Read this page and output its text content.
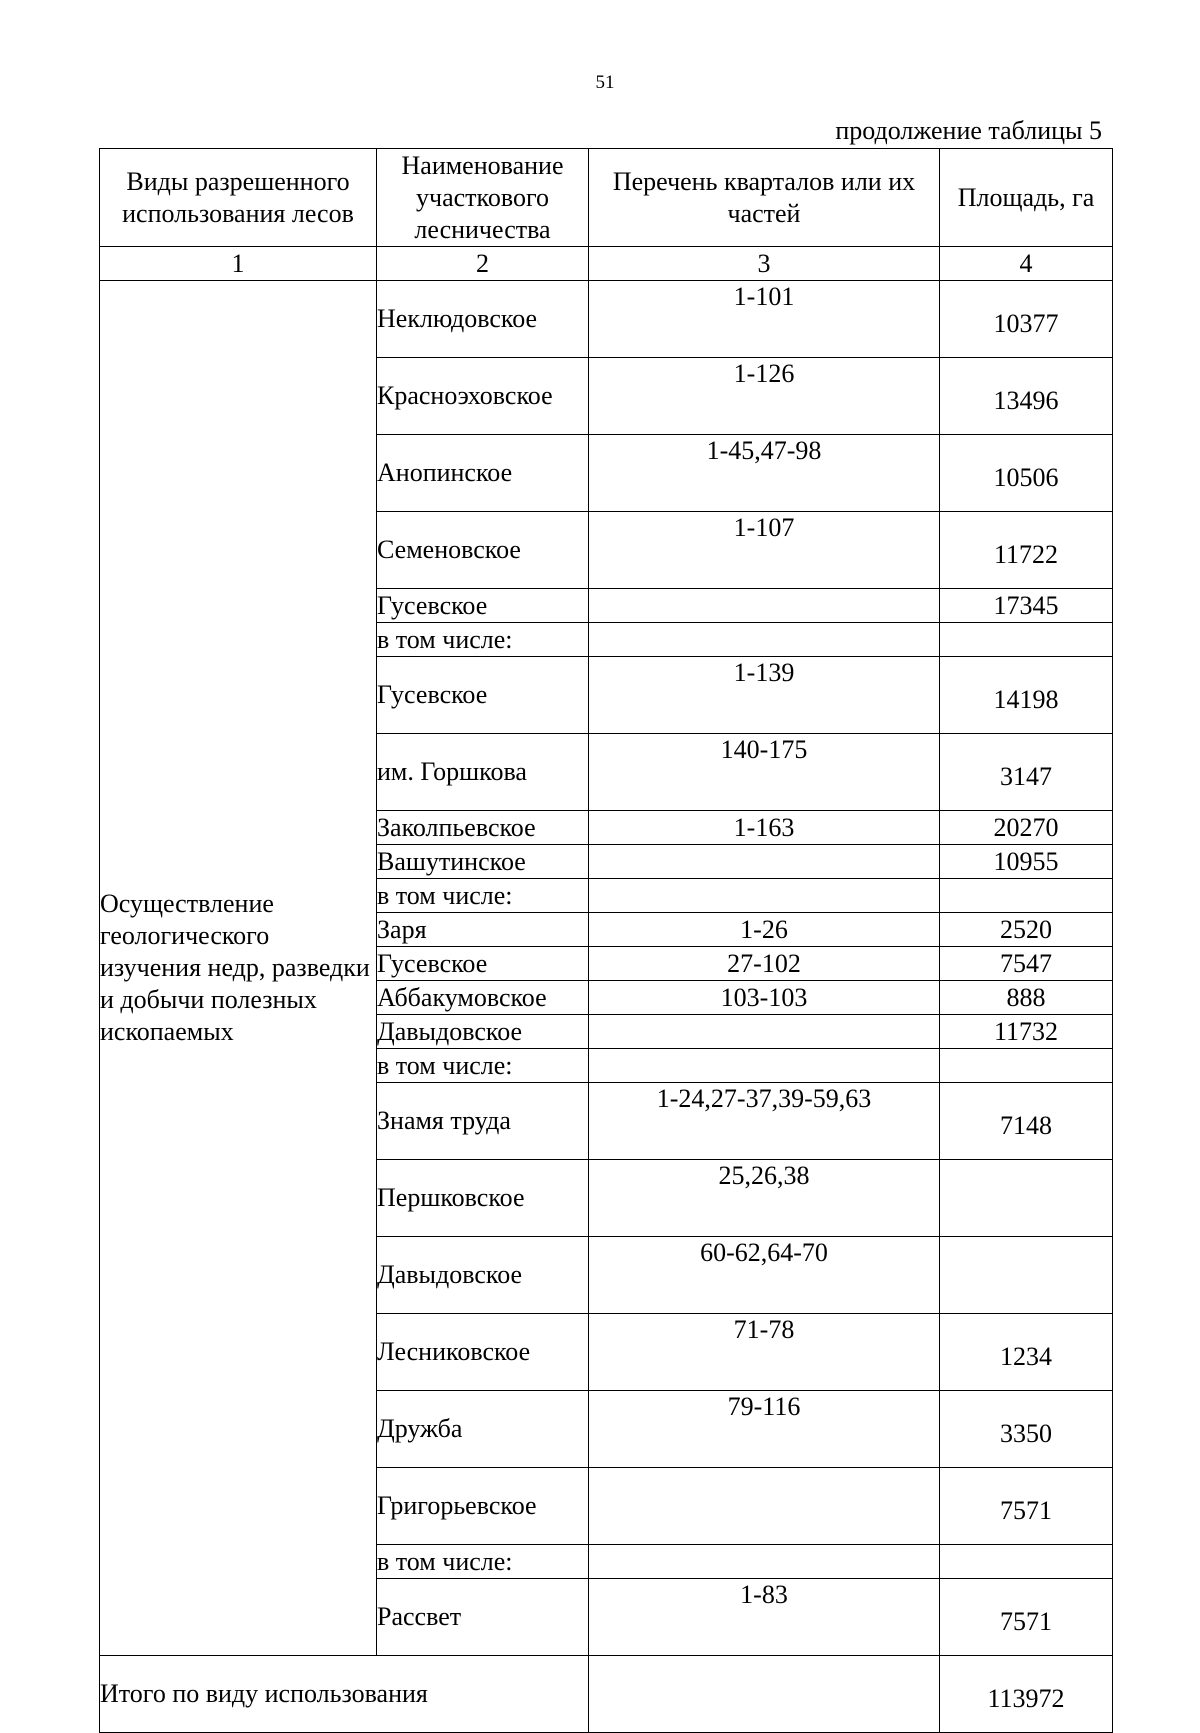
51
продолжение таблицы 5
Виды разрешенного использования лесов	Наименование участкового лесничества	Перечень кварталов или их частей	Площадь, га
1	2	3	4
Осуществление геологического изучения недр, разведки и добычи полезных ископаемых	Неклюдовское	1-101	10377
	Красноэховское	1-126	13496
	Анопинское	1-45,47-98	10506
	Семеновское	1-107	11722
	Гусевское		17345
	в том числе:		
	Гусевское	1-139	14198
	им. Горшкова	140-175	3147
	Заколпьевское	1-163	20270
	Вашутинское		10955
	в том числе:		
	Заря	1-26	2520
	Гусевское	27-102	7547
	Аббакумовское	103-103	888
	Давыдовское		11732
	в том числе:		
	Знамя труда	1-24,27-37,39-59,63	7148
	Першковское	25,26,38	
	Давыдовское	60-62,64-70	
	Лесниковское	71-78	1234
	Дружба	79-116	3350
	Григорьевское		7571
	в том числе:		
	Рассвет	1-83	7571
Итого по виду использования			113972
